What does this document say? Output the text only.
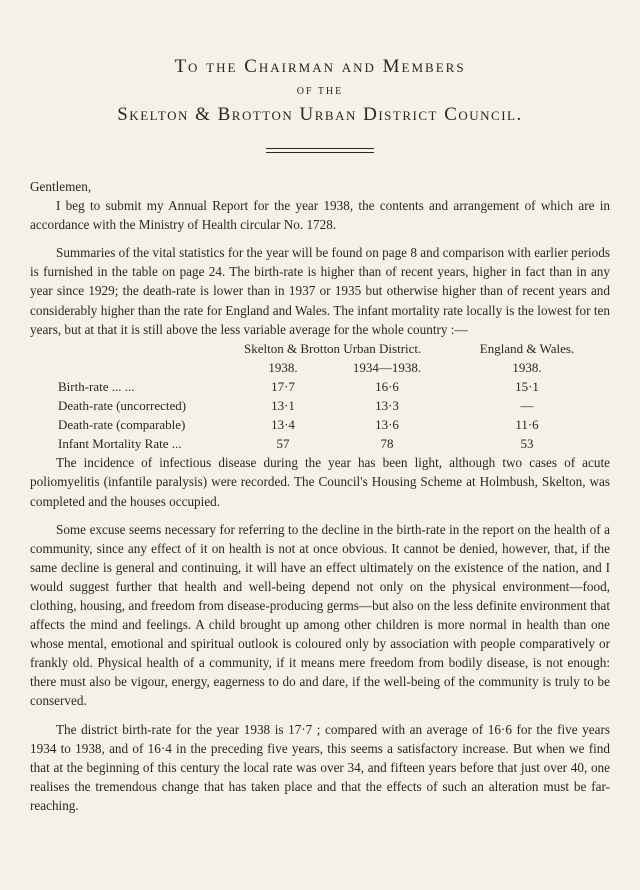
To the Chairman and Members

OF THE

Skelton & Brotton Urban District Council.

Gentlemen,

I beg to submit my Annual Report for the year 1938, the contents and arrangement of which are in accordance with the Ministry of Health circular No. 1728.

Summaries of the vital statistics for the year will be found on page 8 and comparison with earlier periods is furnished in the table on page 24. The birth-rate is higher than of recent years, higher in fact than in any year since 1929; the death-rate is lower than in 1937 or 1935 but otherwise higher than of recent years and considerably higher than the rate for England and Wales. The infant mortality rate locally is the lowest for ten years, but at that it is still above the less variable average for the whole country :—

	Skelton & Brotton Urban District.		England & Wales.
	1938.	1934—1938.	1938.
Birth-rate ... ...	17·7	16·6	15·1
Death-rate (uncorrected)	13·1	13·3	—
Death-rate (comparable)	13·4	13·6	11·6
Infant Mortality Rate ...	57	78	53

The incidence of infectious disease during the year has been light, although two cases of acute poliomyelitis (infantile paralysis) were recorded. The Council's Housing Scheme at Holmbush, Skelton, was completed and the houses occupied.

Some excuse seems necessary for referring to the decline in the birth-rate in the report on the health of a community, since any effect of it on health is not at once obvious. It cannot be denied, however, that, if the same decline is general and continuing, it will have an effect ultimately on the existence of the nation, and I would suggest further that health and well-being depend not only on the physical environment—food, clothing, housing, and freedom from disease-producing germs—but also on the less definite environment that affects the mind and feelings. A child brought up among other children is more normal in health than one whose mental, emotional and spiritual outlook is coloured only by association with people comparatively or frankly old. Physical health of a community, if it means mere freedom from bodily disease, is not enough: there must also be vigour, energy, eagerness to do and dare, if the well-being of the community is truly to be conserved.

The district birth-rate for the year 1938 is 17·7 ; compared with an average of 16·6 for the five years 1934 to 1938, and of 16·4 in the preceding five years, this seems a satisfactory increase. But when we find that at the beginning of this century the local rate was over 34, and fifteen years before that just over 40, one realises the tremendous change that has taken place and that the effects of such an alteration must be far-reaching.
